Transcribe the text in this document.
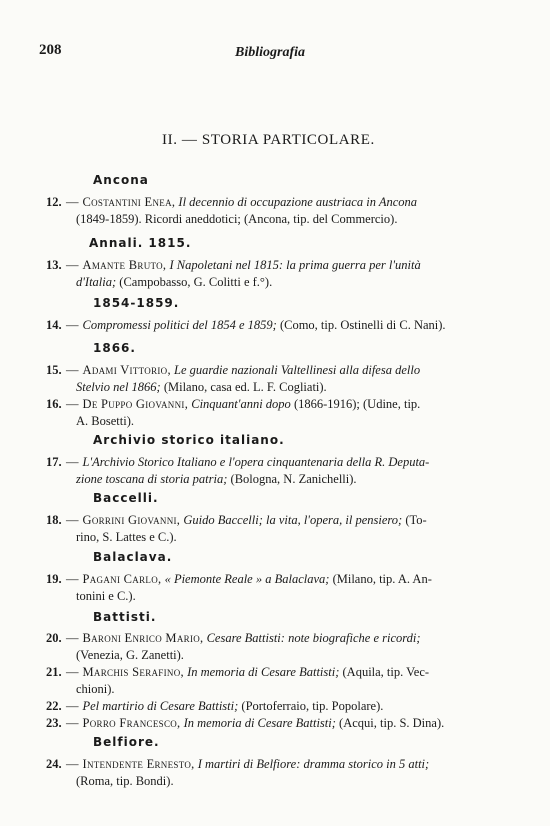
208	Bibliografia
II. — STORIA PARTICOLARE.
Ancona
12. — Costantini Enea, Il decennio di occupazione austriaca in Ancona
(1849-1859). Ricordi aneddotici; (Ancona, tip. del Commercio).
Annali. 1815.
13. — Amante Bruto, I Napoletani nel 1815: la prima guerra per l'unità
d'Italia; (Campobasso, G. Colitti e f.°).
1854-1859.
14. — Compromessi politici del 1854 e 1859; (Como, tip. Ostinelli di C. Nani).
1866.
15. — Adami Vittorio, Le guardie nazionali Valtellinesi alla difesa dello
Stelvio nel 1866; (Milano, casa ed. L. F. Cogliati).
16. — De Puppo Giovanni, Cinquant'anni dopo (1866-1916); (Udine, tip.
A. Bosetti).
Archivio storico italiano.
17. — L'Archivio Storico Italiano e l'opera cinquantenaria della R. Deputa-
zione toscana di storia patria; (Bologna, N. Zanichelli).
Baccelli.
18. — Gorrini Giovanni, Guido Baccelli; la vita, l'opera, il pensiero; (To-
rino, S. Lattes e C.).
Balaclava.
19. — Pagani Carlo, « Piemonte Reale » a Balaclava; (Milano, tip. A. An-
tonini e C.).
Battisti.
20. — Baroni Enrico Mario, Cesare Battisti: note biografiche e ricordi;
(Venezia, G. Zanetti).
21. — Marchis Serafino, In memoria di Cesare Battisti; (Aquila, tip. Vec-
chioni).
22. — Pel martirio di Cesare Battisti; (Portoferraio, tip. Popolare).
23. — Porro Francesco, In memoria di Cesare Battisti; (Acqui, tip. S. Dina).
Belfiore.
24. — Intendente Ernesto, I martiri di Belfiore: dramma storico in 5 atti;
(Roma, tip. Bondi).
